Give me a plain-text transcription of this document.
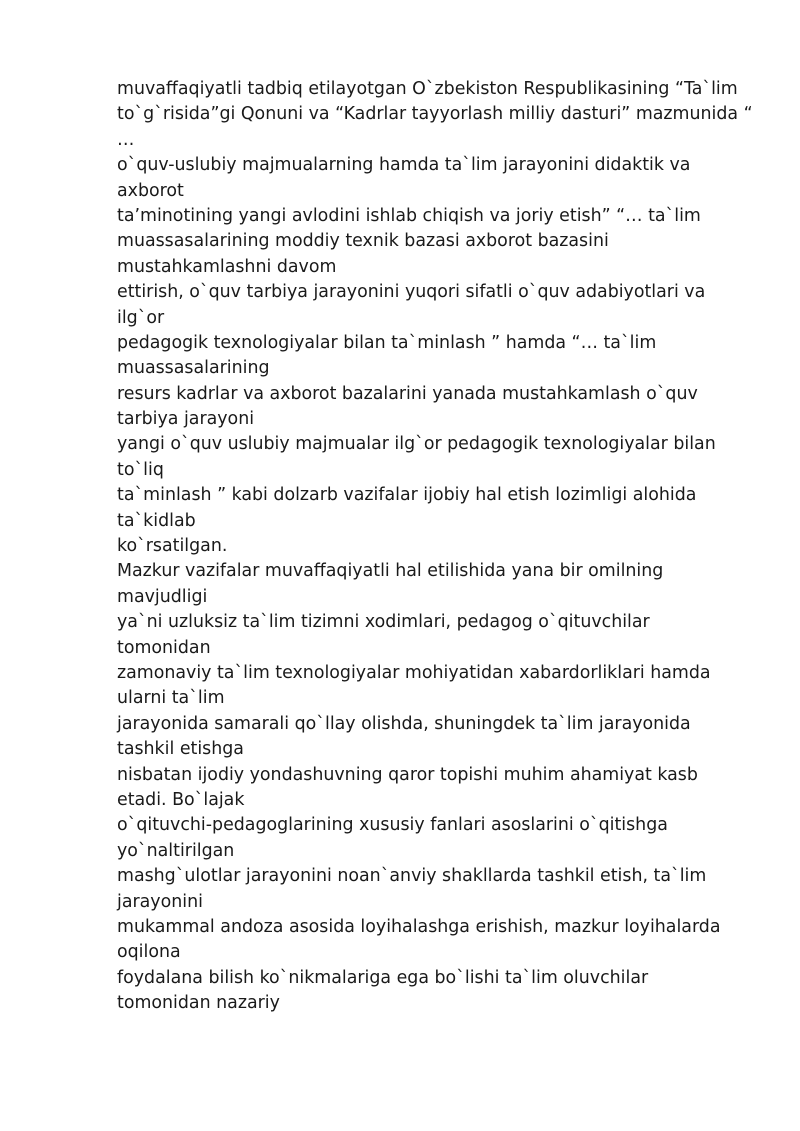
muvaffaqiyatli tadbiq etilayotgan O`zbekiston Respublikasining “Ta`lim
to`g`risida”gi Qonuni va “Kadrlar tayyorlash milliy dasturi” mazmunida “
…
o`quv-uslubiy majmualarning hamda ta`lim jarayonini didaktik va
axborot
ta’minotining yangi avlodini ishlab chiqish va joriy etish” “… ta`lim
muassasalarining moddiy texnik bazasi axborot bazasini
mustahkamlashni davom
ettirish, o`quv tarbiya jarayonini yuqori sifatli o`quv adabiyotlari va
ilg`or
pedagogik texnologiyalar bilan ta`minlash ” hamda “… ta`lim
muassasalarining
resurs kadrlar va axborot bazalarini yanada mustahkamlash o`quv
tarbiya jarayoni
yangi o`quv uslubiy majmualar ilg`or pedagogik texnologiyalar bilan
to`liq
ta`minlash ” kabi dolzarb vazifalar ijobiy hal etish lozimligi alohida
ta`kidlab
ko`rsatilgan.
Mazkur vazifalar muvaffaqiyatli hal etilishida yana bir omilning
mavjudligi
ya`ni uzluksiz ta`lim tizimni xodimlari, pedagog o`qituvchilar
tomonidan
zamonaviy ta`lim texnologiyalar mohiyatidan xabardorliklari hamda
ularni ta`lim
jarayonida samarali qo`llay olishda, shuningdek ta`lim jarayonida
tashkil etishga
nisbatan ijodiy yondashuvning qaror topishi muhim ahamiyat kasb
etadi. Bo`lajak
o`qituvchi-pedagoglarining xususiy fanlari asoslarini o`qitishga
yo`naltirilgan
mashg`ulotlar jarayonini noan`anviy shakllarda tashkil etish, ta`lim
jarayonini
mukammal andoza asosida loyihalashga erishish, mazkur loyihalarda
oqilona
foydalana bilish ko`nikmalariga ega bo`lishi ta`lim oluvchilar
tomonidan nazariy
